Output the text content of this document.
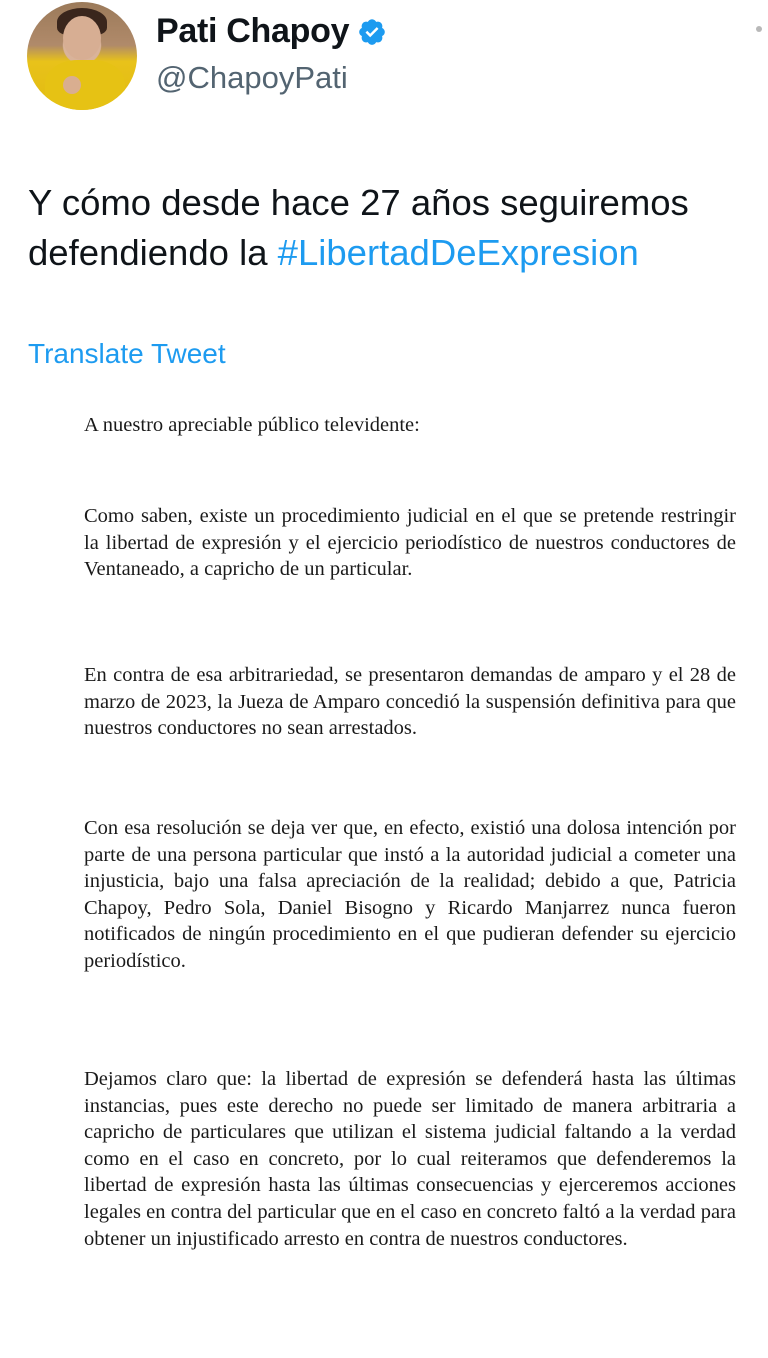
Pati Chapoy
@ChapoyPati
Y cómo desde hace 27 años seguiremos
defendiendo la #LibertadDeExpresion
Translate Tweet
A nuestro apreciable público televidente:

Como saben, existe un procedimiento judicial en el que se pretende restringir la libertad de expresión y el ejercicio periodístico de nuestros conductores de Ventaneado, a capricho de un particular.

En contra de esa arbitrariedad, se presentaron demandas de amparo y el 28 de marzo de 2023, la Jueza de Amparo concedió la suspensión definitiva para que nuestros conductores no sean arrestados.

Con esa resolución se deja ver que, en efecto, existió una dolosa intención por parte de una persona particular que instó a la autoridad judicial a cometer una injusticia, bajo una falsa apreciación de la realidad; debido a que, Patricia Chapoy, Pedro Sola, Daniel Bisogno y Ricardo Manjarrez nunca fueron notificados de ningún procedimiento en el que pudieran defender su ejercicio periodístico.

Dejamos claro que: la libertad de expresión se defenderá hasta las últimas instancias, pues este derecho no puede ser limitado de manera arbitraria a capricho de particulares que utilizan el sistema judicial faltando a la verdad como en el caso en concreto, por lo cual reiteramos que defenderemos la libertad de expresión hasta las últimas consecuencias y ejerceremos acciones legales en contra del particular que en el caso en concreto faltó a la verdad para obtener un injustificado arresto en contra de nuestros conductores.
